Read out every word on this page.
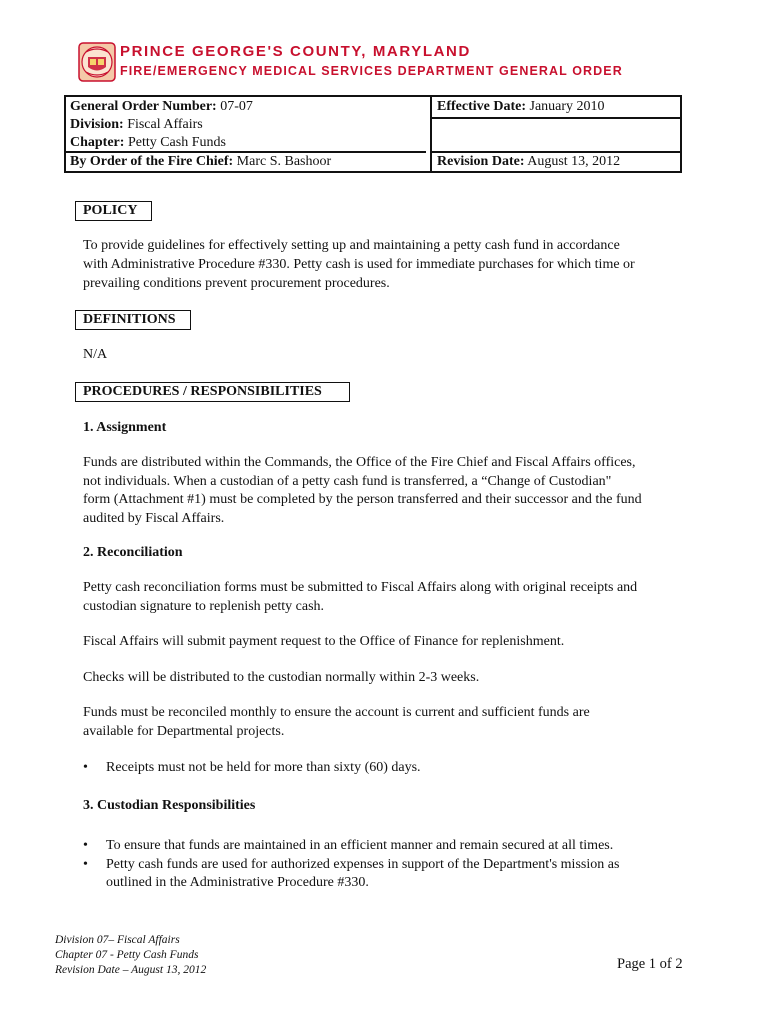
PRINCE GEORGE'S COUNTY, MARYLAND
FIRE/EMERGENCY MEDICAL SERVICES DEPARTMENT GENERAL ORDER
General Order Number: 07-07
Division: Fiscal Affairs
Chapter: Petty Cash Funds
By Order of the Fire Chief: Marc S. Bashoor
Effective Date: January 2010
Revision Date: August 13, 2012
POLICY
To provide guidelines for effectively setting up and maintaining a petty cash fund in accordance
with Administrative Procedure #330. Petty cash is used for immediate purchases for which time or
prevailing conditions prevent procurement procedures.
DEFINITIONS
N/A
PROCEDURES / RESPONSIBILITIES
1. Assignment
Funds are distributed within the Commands, the Office of the Fire Chief and Fiscal Affairs offices,
not individuals. When a custodian of a petty cash fund is transferred, a “Change of Custodian"
form (Attachment #1) must be completed by the person transferred and their successor and the fund
audited by Fiscal Affairs.
2. Reconciliation
Petty cash reconciliation forms must be submitted to Fiscal Affairs along with original receipts and
custodian signature to replenish petty cash.
Fiscal Affairs will submit payment request to the Office of Finance for replenishment.
Checks will be distributed to the custodian normally within 2-3 weeks.
Funds must be reconciled monthly to ensure the account is current and sufficient funds are
available for Departmental projects.
• Receipts must not be held for more than sixty (60) days.
3. Custodian Responsibilities
• To ensure that funds are maintained in an efficient manner and remain secured at all times.
• Petty cash funds are used for authorized expenses in support of the Department's mission as
outlined in the Administrative Procedure #330.
Division 07– Fiscal Affairs
Chapter 07 - Petty Cash Funds
Revision Date – August 13, 2012	Page 1 of 2
